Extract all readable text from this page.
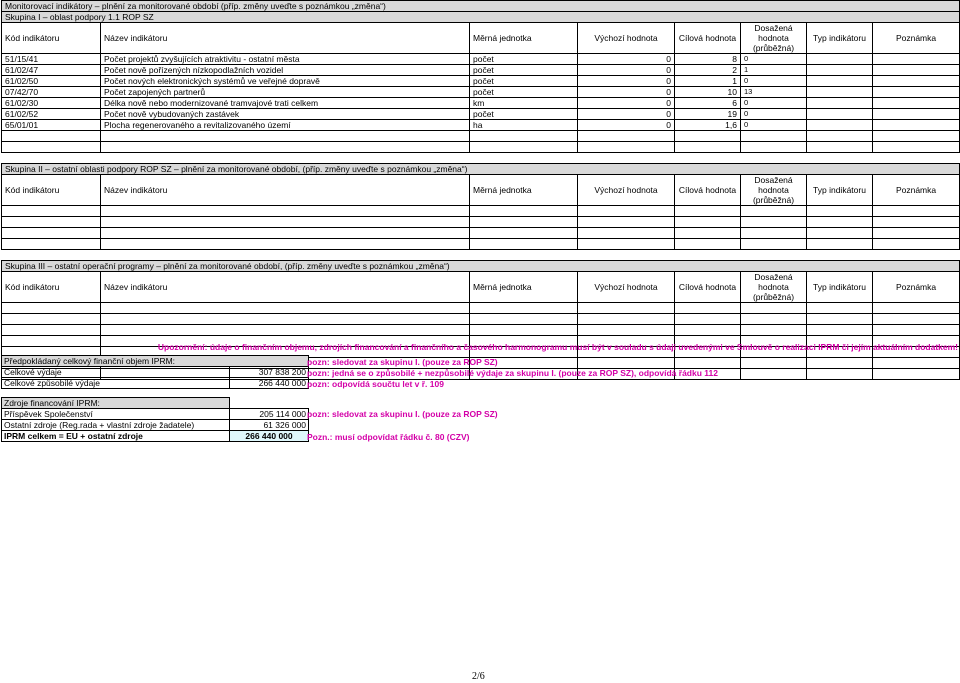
Monitorovací indikátory – plnění za monitorované období (příp. změny uveďte s poznámkou „změna“)							
Skupina I – oblast podpory 1.1 ROP SZ							
Kód indikátoru	Název indikátoru	Měrná jednotka	Výchozí hodnota	Cílová hodnota	Dosažená hodnota (průběžná)	Typ indikátoru	Poznámka
51/15/41	Počet projektů zvyšujících atraktivitu - ostatní města	počet	0	8	0		
61/02/47	Počet nově pořízených nízkopodlažních vozidel	počet	0	2	1		
61/02/50	Počet nových elektronických systémů ve veřejné dopravě	počet	0	1	0		
07/42/70	Počet zapojených partnerů	počet	0	10	13		
61/02/30	Délka nově nebo modernizované tramvajové trati celkem	km	0	6	0		
61/02/52	Počet nově vybudovaných zastávek	počet	0	19	0		
65/01/01	Plocha regenerovaného a revitalizovaného území	ha	0	1,6	0		

Skupina II – ostatní oblasti podpory ROP SZ – plnění za monitorované období, (příp. změny uveďte s poznámkou „změna“)							
Kód indikátoru	Název indikátoru	Měrná jednotka	Výchozí hodnota	Cílová hodnota	Dosažená hodnota (průběžná)	Typ indikátoru	Poznámka

Skupina III – ostatní operační programy – plnění za monitorované období, (příp. změny uveďte s poznámkou „změna“)							
Kód indikátoru	Název indikátoru	Měrná jednotka	Výchozí hodnota	Cílová hodnota	Dosažená hodnota (průběžná)	Typ indikátoru	Poznámka

Upozornění: údaje o finančním objemu, zdrojích financování a finančního a časového harmonogramu musí být v souladu s údaji uvedenými ve Smlouvě o realizaci IPRM či jejím aktuálním dodatkem!
Předpokládaný celkový finanční objem IPRM:	
Celkové výdaje	307 838 200
Celkové způsobilé výdaje	266 440 000
pozn: sledovat za skupinu I. (pouze za ROP SZ)
pozn: jedná se o způsobilé + nezpůsobilé výdaje za skupinu I. (pouze za ROP SZ), odpovídá řádku 112
pozn: odpovídá součtu let v ř. 109
Zdroje financování IPRM:	
Příspěvek Společenství	205 114 000
Ostatní zdroje (Reg.rada + vlastní zdroje žadatele)	61 326 000
IPRM celkem = EU + ostatní zdroje	266 440 000
pozn: sledovat za skupinu I. (pouze za ROP SZ)
Pozn.: musí odpovídat řádku č. 80 (CZV)
2/6
